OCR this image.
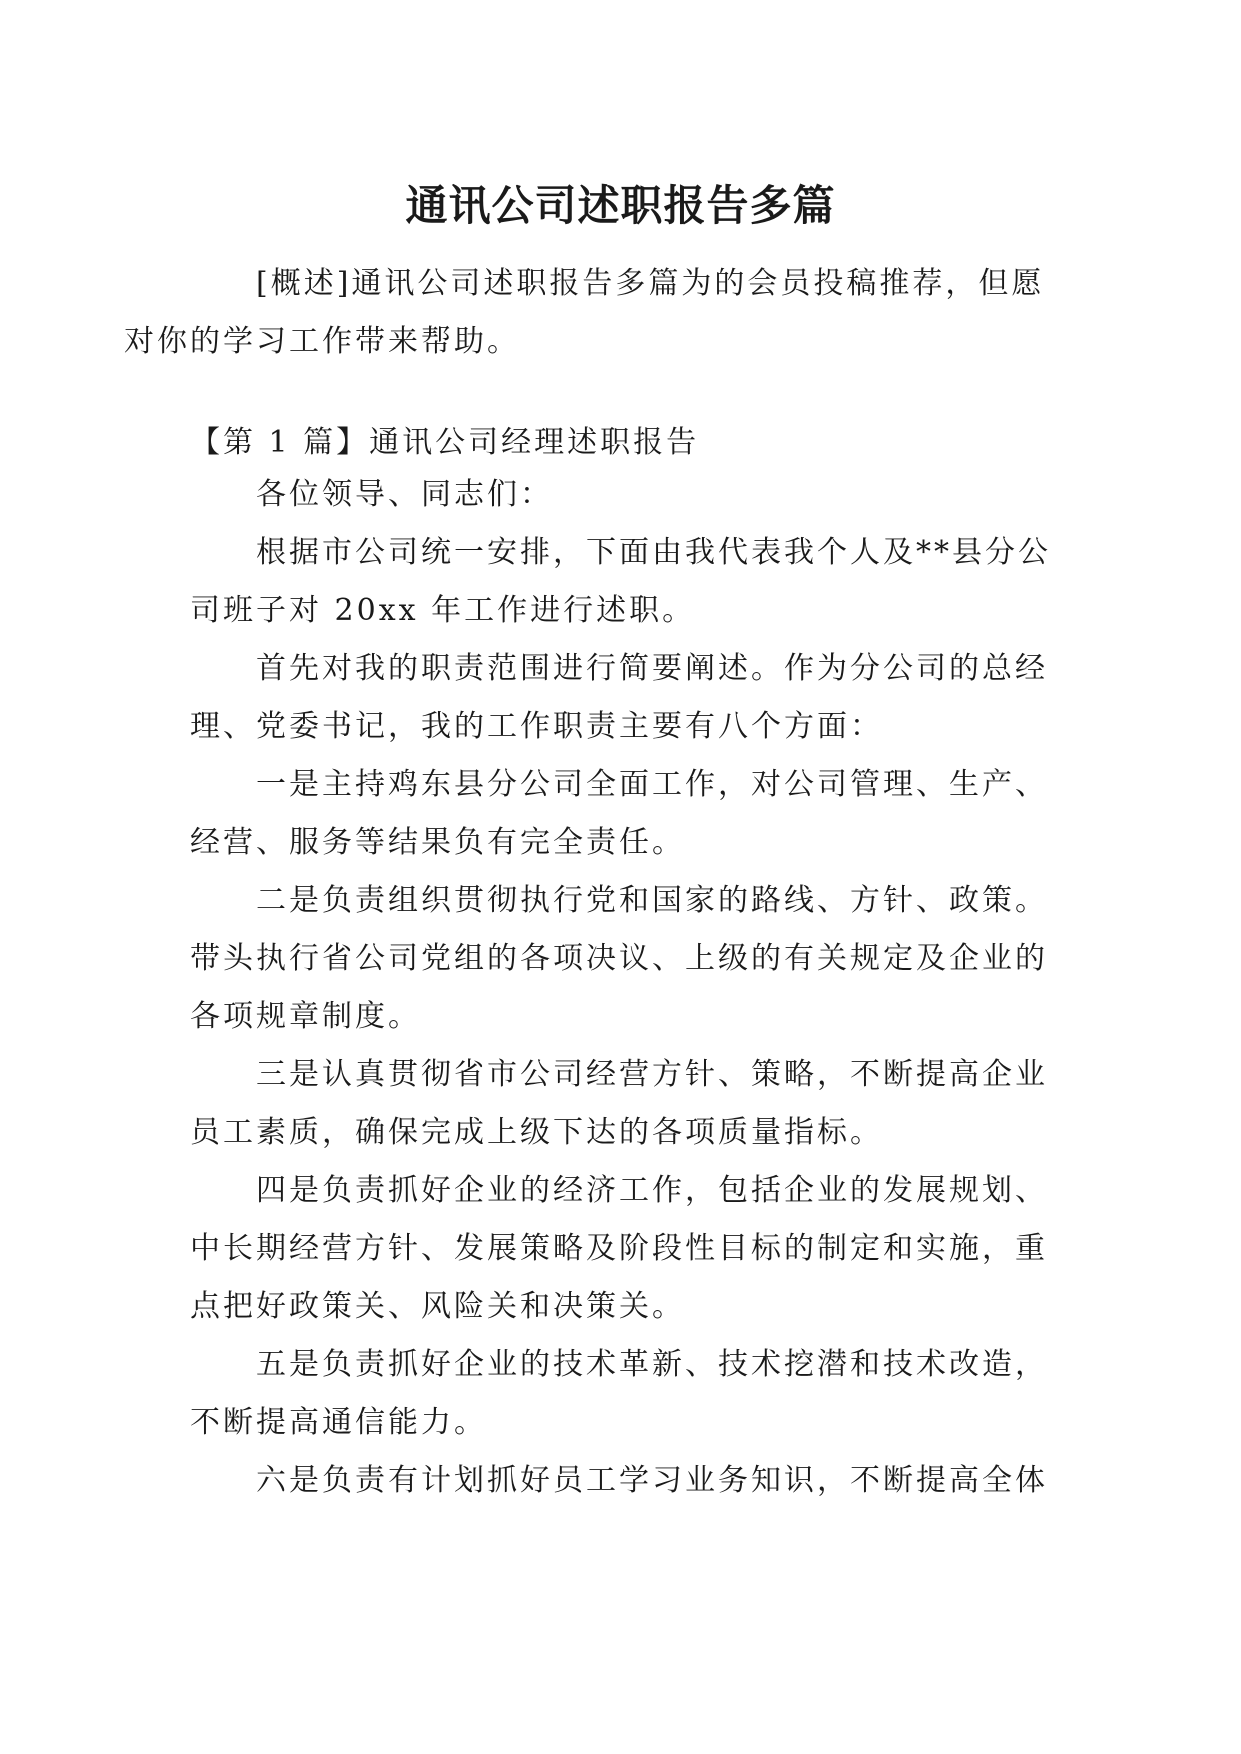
通讯公司述职报告多篇

[概述]通讯公司述职报告多篇为的会员投稿推荐，但愿
对你的学习工作带来帮助。

【第 1 篇】通讯公司经理述职报告

各位领导、同志们：

根据市公司统一安排，下面由我代表我个人及**县分公
司班子对 20xx 年工作进行述职。

首先对我的职责范围进行简要阐述。作为分公司的总经
理、党委书记，我的工作职责主要有八个方面：

一是主持鸡东县分公司全面工作，对公司管理、生产、
经营、服务等结果负有完全责任。

二是负责组织贯彻执行党和国家的路线、方针、政策。
带头执行省公司党组的各项决议、上级的有关规定及企业的
各项规章制度。

三是认真贯彻省市公司经营方针、策略，不断提高企业
员工素质，确保完成上级下达的各项质量指标。

四是负责抓好企业的经济工作，包括企业的发展规划、
中长期经营方针、发展策略及阶段性目标的制定和实施，重
点把好政策关、风险关和决策关。

五是负责抓好企业的技术革新、技术挖潜和技术改造，
不断提高通信能力。

六是负责有计划抓好员工学习业务知识，不断提高全体
